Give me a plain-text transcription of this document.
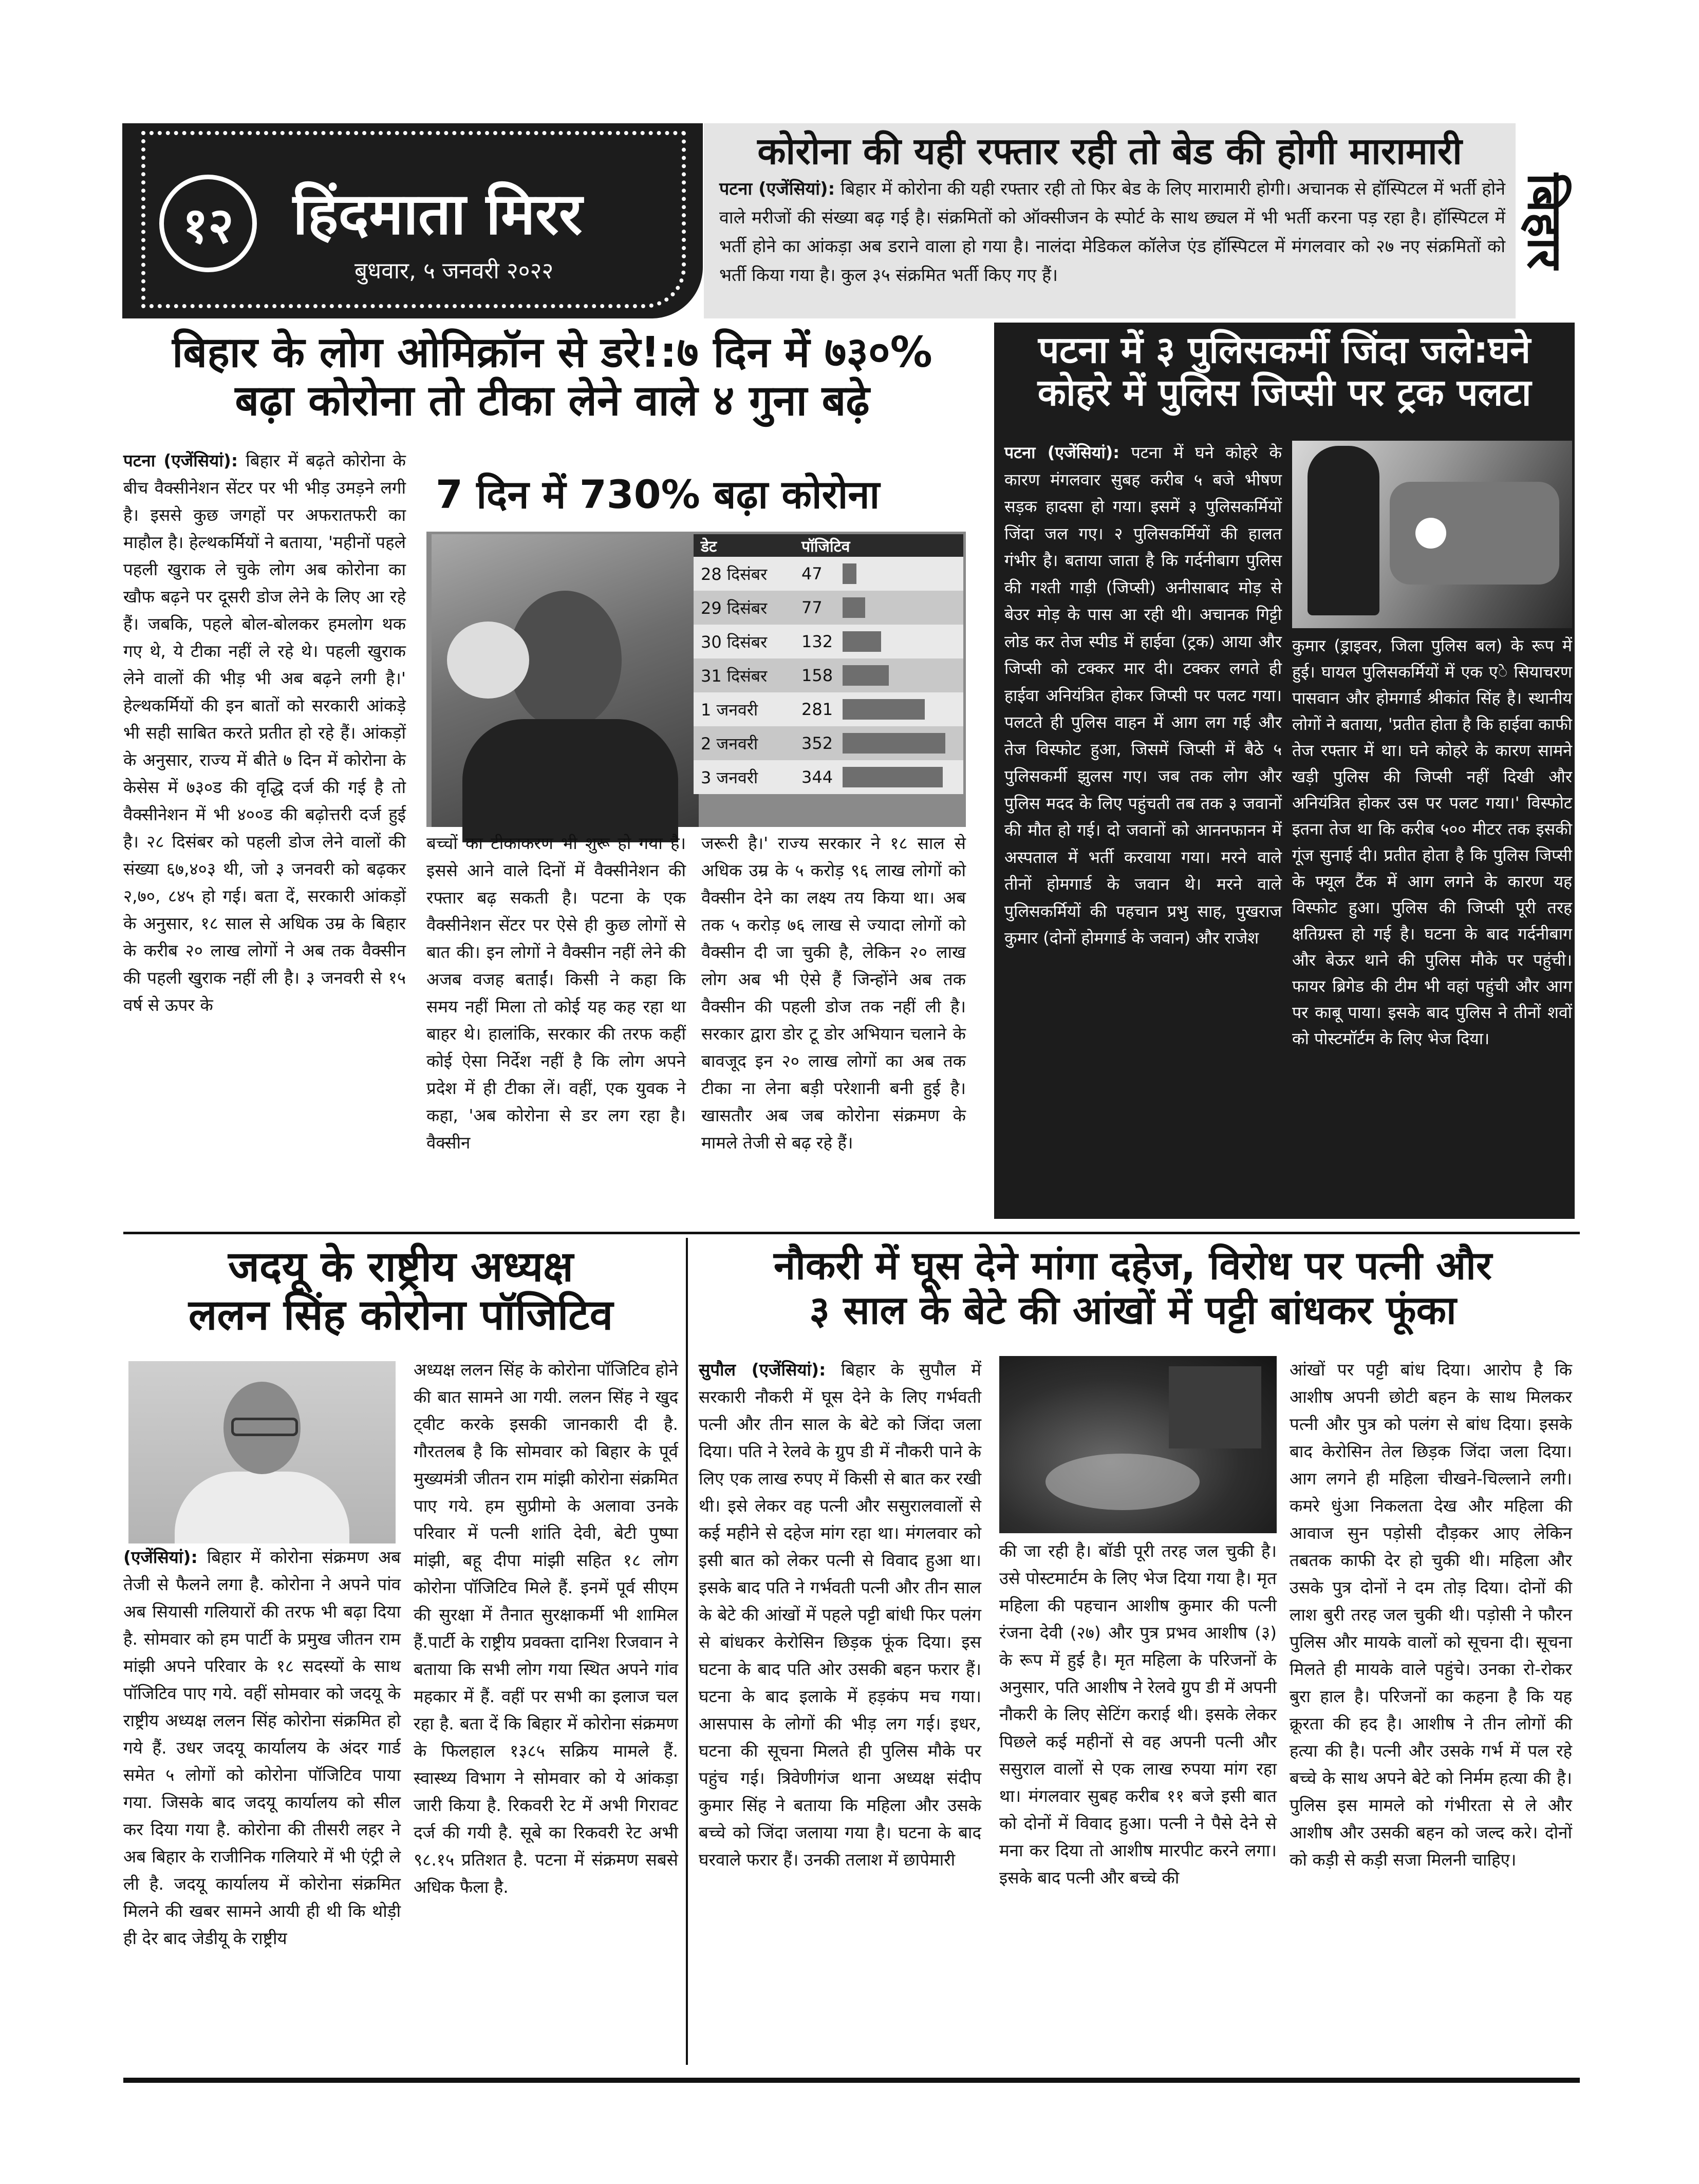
१२	हिंदमाता मिरर
बुधवार, ५ जनवरी २०२२
कोरोना की यही रफ्तार रही तो बेड की होगी मारामारी
पटना (एजेंसियां): बिहार में कोरोना की यही रफ्तार रही तो फिर बेड के लिए मारामारी होगी। अचानक से हॉस्पिटल में भर्ती होने वाले मरीजों की संख्या बढ़ गई है। संक्रमितों को ऑक्सीजन के स्पोर्ट के साथ छ्यल में भी भर्ती करना पड़ रहा है। हॉस्पिटल में भर्ती होने का आंकड़ा अब डराने वाला हो गया है। नालंदा मेडिकल कॉलेज एंड हॉस्पिटल में मंगलवार को २७ नए संक्रमितों को भर्ती किया गया है। कुल ३५ संक्रमित भर्ती किए गए हैं।
बिहार
बिहार के लोग ओमिक्रॉन से डरे!:७ दिन में ७३०%
बढ़ा कोरोना तो टीका लेने वाले ४ गुना बढ़े
पटना (एजेंसियां): बिहार में बढ़ते कोरोना के बीच वैक्सीनेशन सेंटर पर भी भीड़ उमड़ने लगी है। इससे कुछ जगहों पर अफरातफरी का माहौल है। हेल्थकर्मियों ने बताया, 'महीनों पहले पहली खुराक ले चुके लोग अब कोरोना का खौफ बढ़ने पर दूसरी डोज लेने के लिए आ रहे हैं। जबकि, पहले बोल-बोलकर हमलोग थक गए थे, ये टीका नहीं ले रहे थे। पहली खुराक लेने वालों की भीड़ भी अब बढ़ने लगी है।' हेल्थकर्मियों की इन बातों को सरकारी आंकड़े भी सही साबित करते प्रतीत हो रहे हैं। आंकड़ों के अनुसार, राज्य में बीते ७ दिन में कोरोना के केसेस में ७३०ड की वृद्धि दर्ज की गई है तो वैक्सीनेशन में भी ४००ड की बढ़ोत्तरी दर्ज हुई है। २८ दिसंबर को पहली डोज लेने वालों की संख्या ६७,४०३ थी, जो ३ जनवरी को बढ़कर २,७०, ८४५ हो गई। बता दें, सरकारी आंकड़ों के अनुसार, १८ साल से अधिक उम्र के बिहार के करीब २० लाख लोगों ने अब तक वैक्सीन की पहली खुराक नहीं ली है। ३ जनवरी से १५ वर्ष से ऊपर के
7 दिन में 730% बढ़ा कोरोना
डेट	पॉजिटिव
28 दिसंबर	47
29 दिसंबर	77
30 दिसंबर	132
31 दिसंबर	158
1 जनवरी	281
2 जनवरी	352
3 जनवरी	344
बच्चों का टीकाकरण भी शुरू हो गया है। इससे आने वाले दिनों में वैक्सीनेशन की रफ्तार बढ़ सकती है। पटना के एक वैक्सीनेशन सेंटर पर ऐसे ही कुछ लोगों से बात की। इन लोगों ने वैक्सीन नहीं लेने की अजब वजह बताईं। किसी ने कहा कि समय नहीं मिला तो कोई यह कह रहा था बाहर थे। हालांकि, सरकार की तरफ कहीं कोई ऐसा निर्देश नहीं है कि लोग अपने प्रदेश में ही टीका लें। वहीं, एक युवक ने कहा, 'अब कोरोना से डर लग रहा है। वैक्सीन
जरूरी है।' राज्य सरकार ने १८ साल से अधिक उम्र के ५ करोड़ ९६ लाख लोगों को वैक्सीन देने का लक्ष्य तय किया था। अब तक ५ करोड़ ७६ लाख से ज्यादा लोगों को वैक्सीन दी जा चुकी है, लेकिन २० लाख लोग अब भी ऐसे हैं जिन्होंने अब तक वैक्सीन की पहली डोज तक नहीं ली है। सरकार द्वारा डोर टू डोर अभियान चलाने के बावजूद इन २० लाख लोगों का अब तक टीका ना लेना बड़ी परेशानी बनी हुई है। खासतौर अब जब कोरोना संक्रमण के मामले तेजी से बढ़ रहे हैं।
पटना में ३ पुलिसकर्मी जिंदा जले:घने
कोहरे में पुलिस जिप्सी पर ट्रक पलटा
पटना (एजेंसियां): पटना में घने कोहरे के कारण मंगलवार सुबह करीब ५ बजे भीषण सड़क हादसा हो गया। इसमें ३ पुलिसकर्मियों जिंदा जल गए। २ पुलिसकर्मियों की हालत गंभीर है। बताया जाता है कि गर्दनीबाग पुलिस की गश्ती गाड़ी (जिप्सी) अनीसाबाद मोड़ से बेउर मोड़ के पास आ रही थी। अचानक गिट्टी लोड कर तेज स्पीड में हाईवा (ट्रक) आया और जिप्सी को टक्कर मार दी। टक्कर लगते ही हाईवा अनियंत्रित होकर जिप्सी पर पलट गया। पलटते ही पुलिस वाहन में आग लग गई और तेज विस्फोट हुआ, जिसमें जिप्सी में बैठे ५ पुलिसकर्मी झुलस गए। जब तक लोग और पुलिस मदद के लिए पहुंचती तब तक ३ जवानों की मौत हो गई। दो जवानों को आननफानन में अस्पताल में भर्ती करवाया गया। मरने वाले तीनों होमगार्ड के जवान थे। मरने वाले पुलिसकर्मियों की पहचान प्रभु साह, पुखराज कुमार (दोनों होमगार्ड के जवान) और राजेश
कुमार (ड्राइवर, जिला पुलिस बल) के रूप में हुई। घायल पुलिसकर्मियों में एक एे सियाचरण पासवान और होमगार्ड श्रीकांत सिंह है। स्थानीय लोगों ने बताया, 'प्रतीत होता है कि हाईवा काफी तेज रफ्तार में था। घने कोहरे के कारण सामने खड़ी पुलिस की जिप्सी नहीं दिखी और अनियंत्रित होकर उस पर पलट गया।' विस्फोट इतना तेज था कि करीब ५०० मीटर तक इसकी गूंज सुनाई दी। प्रतीत होता है कि पुलिस जिप्सी के फ्यूल टैंक में आग लगने के कारण यह विस्फोट हुआ। पुलिस की जिप्सी पूरी तरह क्षतिग्रस्त हो गई है। घटना के बाद गर्दनीबाग और बेऊर थाने की पुलिस मौके पर पहुंची। फायर ब्रिगेड की टीम भी वहां पहुंची और आग पर काबू पाया। इसके बाद पुलिस ने तीनों शवों को पोस्टमॉर्टम के लिए भेज दिया।
जदयू के राष्ट्रीय अध्यक्ष
ललन सिंह कोरोना पॉजिटिव
(एजेंसियां): बिहार में कोरोना संक्रमण अब तेजी से फैलने लगा है. कोरोना ने अपने पांव अब सियासी गलियारों की तरफ भी बढ़ा दिया है. सोमवार को हम पार्टी के प्रमुख जीतन राम मांझी अपने परिवार के १८ सदस्यों के साथ पॉजिटिव पाए गये. वहीं सोमवार को जदयू के राष्ट्रीय अध्यक्ष ललन सिंह कोरोना संक्रमित हो गये हैं. उधर जदयू कार्यालय के अंदर गार्ड समेत ५ लोगों को कोरोना पॉजिटिव पाया गया. जिसके बाद जदयू कार्यालय को सील कर दिया गया है. कोरोना की तीसरी लहर ने अब बिहार के राजीनिक गलियारे में भी एंट्री ले ली है. जदयू कार्यालय में कोरोना संक्रमित मिलने की खबर सामने आयी ही थी कि थोड़ी ही देर बाद जेडीयू के राष्ट्रीय
अध्यक्ष ललन सिंह के कोरोना पॉजिटिव होने की बात सामने आ गयी. ललन सिंह ने खुद ट्वीट करके इसकी जानकारी दी है. गौरतलब है कि सोमवार को बिहार के पूर्व मुख्यमंत्री जीतन राम मांझी कोरोना संक्रमित पाए गये. हम सुप्रीमो के अलावा उनके परिवार में पत्नी शांति देवी, बेटी पुष्पा मांझी, बहू दीपा मांझी सहित १८ लोग कोरोना पॉजिटिव मिले हैं. इनमें पूर्व सीएम की सुरक्षा में तैनात सुरक्षाकर्मी भी शामिल हैं.पार्टी के राष्ट्रीय प्रवक्ता दानिश रिजवान ने बताया कि सभी लोग गया स्थित अपने गांव महकार में हैं. वहीं पर सभी का इलाज चल रहा है. बता दें कि बिहार में कोरोना संक्रमण के फिलहाल १३८५ सक्रिय मामले हैं. स्वास्थ्य विभाग ने सोमवार को ये आंकड़ा जारी किया है. रिकवरी रेट में अभी गिरावट दर्ज की गयी है. सूबे का रिकवरी रेट अभी ९८.१५ प्रतिशत है. पटना में संक्रमण सबसे अधिक फैला है.
नौकरी में घूस देने मांगा दहेज, विरोध पर पत्नी और
३ साल के बेटे की आंखों में पट्टी बांधकर फूंका
सुपौल (एजेंसियां): बिहार के सुपौल में सरकारी नौकरी में घूस देने के लिए गर्भवती पत्नी और तीन साल के बेटे को जिंदा जला दिया। पति ने रेलवे के ग्रुप डी में नौकरी पाने के लिए एक लाख रुपए में किसी से बात कर रखी थी। इसे लेकर वह पत्नी और ससुरालवालों से कई महीने से दहेज मांग रहा था। मंगलवार को इसी बात को लेकर पत्नी से विवाद हुआ था। इसके बाद पति ने गर्भवती पत्नी और तीन साल के बेटे की आंखों में पहले पट्टी बांधी फिर पलंग से बांधकर केरोसिन छिड़क फूंक दिया। इस घटना के बाद पति ओर उसकी बहन फरार हैं। घटना के बाद इलाके में हड़कंप मच गया। आसपास के लोगों की भीड़ लग गई। इधर, घटना की सूचना मिलते ही पुलिस मौके पर पहुंच गई। त्रिवेणीगंज थाना अध्यक्ष संदीप कुमार सिंह ने बताया कि महिला और उसके बच्चे को जिंदा जलाया गया है। घटना के बाद घरवाले फरार हैं। उनकी तलाश में छापेमारी
की जा रही है। बॉडी पूरी तरह जल चुकी है। उसे पोस्टमार्टम के लिए भेज दिया गया है। मृत महिला की पहचान आशीष कुमार की पत्नी रंजना देवी (२७) और पुत्र प्रभव आशीष (३) के रूप में हुई है। मृत महिला के परिजनों के अनुसार, पति आशीष ने रेलवे ग्रुप डी में अपनी नौकरी के लिए सेटिंग कराई थी। इसके लेकर पिछले कई महीनों से वह अपनी पत्नी और ससुराल वालों से एक लाख रुपया मांग रहा था। मंगलवार सुबह करीब ११ बजे इसी बात को दोनों में विवाद हुआ। पत्नी ने पैसे देने से मना कर दिया तो आशीष मारपीट करने लगा। इसके बाद पत्नी और बच्चे की
आंखों पर पट्टी बांध दिया। आरोप है कि आशीष अपनी छोटी बहन के साथ मिलकर पत्नी और पुत्र को पलंग से बांध दिया। इसके बाद केरोसिन तेल छिड़क जिंदा जला दिया। आग लगने ही महिला चीखने-चिल्लाने लगी। कमरे धुंआ निकलता देख और महिला की आवाज सुन पड़ोसी दौड़कर आए लेकिन तबतक काफी देर हो चुकी थी। महिला और उसके पुत्र दोनों ने दम तोड़ दिया। दोनों की लाश बुरी तरह जल चुकी थी। पड़ोसी ने फौरन पुलिस और मायके वालों को सूचना दी। सूचना मिलते ही मायके वाले पहुंचे। उनका रो-रोकर बुरा हाल है। परिजनों का कहना है कि यह क्रूरता की हद है। आशीष ने तीन लोगों की हत्या की है। पत्नी और उसके गर्भ में पल रहे बच्चे के साथ अपने बेटे को निर्मम हत्या की है। पुलिस इस मामले को गंभीरता से ले और आशीष और उसकी बहन को जल्द करे। दोनों को कड़ी से कड़ी सजा मिलनी चाहिए।
